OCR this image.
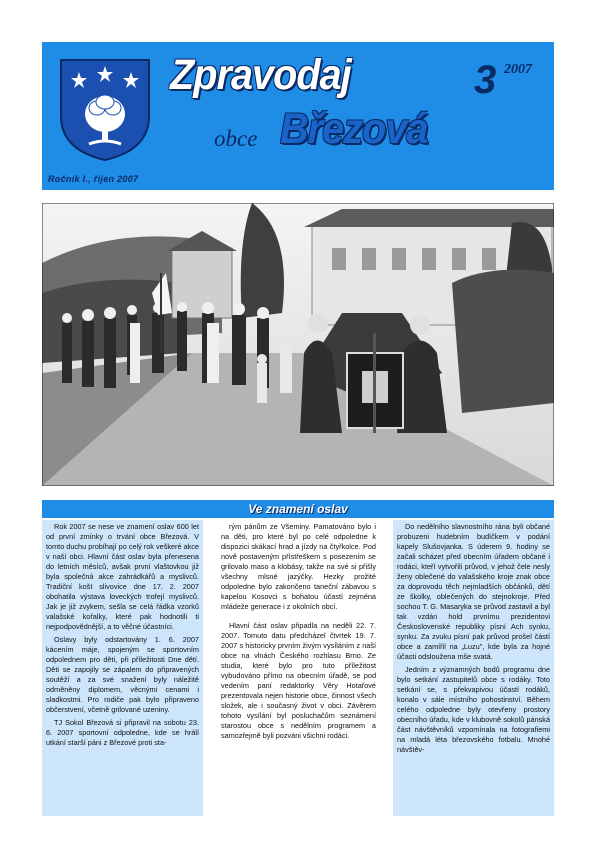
Zpravodaj
obce Březová
3 2007
Ročník I., říjen 2007
Ve znamení oslav

Rok 2007 se nese ve znamení oslav 600 let od první zmínky o trvání obce Březová. V tomto duchu probíhají po celý rok veškeré akce v naší obci. Hlavní část oslav byla přenesena do letních měsíců, avšak první vlaštovkou již byla společná akce zahrádkářů a myslivců. Tradiční košt slivovice dne 17. 2. 2007 obohatila výstava loveckých trofejí myslivců. Jak je již zvykem, sešla se celá řádka vzorků valašské kořalky, které pak hodnotili ti nejpodpovědnější, a to věčné účastníci.

Oslavy byly odstartovány 1. 6. 2007 kácením máje, spojeným se sportovním odpolednem pro děti, při příležitosti Dne dětí. Děti se zapojily se zápalem do připravených soutěží a za své snažení byly náležitě odměněny diplomem, věcnými cenami i sladkostmi. Pro rodiče pak bylo připraveno občerstvení, včetně grilované uzeniny.

TJ Sokol Březová si připravil na sobotu 23. 6. 2007 sportovní odpoledne, kde se hrálí utkání starší páni z Březové proti sta-

rým pánům ze Všeminy. Pamatováno bylo i na děti, pro které byl po celé odpoledne k dispozici skákací hrad a jízdy na čtyřkolce. Pod nově postaveným přístřeškem s posezením se grilovalo maso a klobásy, takže na své si přišly všechny mlsné jazýčky. Hezky prožité odpoledne bylo zakončeno taneční zábavou s kapelou Kosovci s bohatou účastí zejména mládeže generace i z okolních obcí.

Hlavní část oslav připadla na neděli 22. 7. 2007. Tomuto datu předcházel čtvrtek 19. 7. 2007 s historicky prvním živým vysíláním z naší obce na vlnách Českého rozhlasu Brno. Ze studia, které bylo pro tuto příležitost vybudováno přímo na obecním úřadě, se pod vedením paní redaktorky Věry Hotařové prezentovala nejen historie obce, činnost všech složek, ale i současný život v obci. Závěrem tohoto vysílání byl posluchačům seznámení starostou obce s nedělním programem a samozřejmě byli pozváni všichni rodáci.

Do nedělního slavnostního rána byli občané probuzeni hudebním budíčkem v podání kapely Slušovjanka. S úderem 9. hodiny se začali scházet před obecním úřadem občané i rodáci, kteří vytvořili průvod, v jehož čele nesly ženy oblečené do valašského kroje znak obce za doprovodu těch nejmladších občánků, dětí ze školky, oblečených do stejnokroje. Před sochou T. G. Masaryka se průvod zastavil a byl tak vzdán hold prvnímu prezidentovi Československé republiky písní Ach synku, synku. Za zvuku písní pak průvod prošel částí obce a zamířil na „Luzu", kde byla za hojné účasti odslouženа mše svatá.

Jedním z významných bodů programu dne bylo setkání zastupitelů obce s rodáky. Toto setkání se, s překvapivou účastí rodáků, konalo v sále místního pohostinství. Během celého odpoledne byly otevřeny prostory obecního úřadu, kde v klubovně sokolů pánská část návštěvníků vzpomínala na fotografiemi na mladá léta březovského fotbalu. Mnohé návštěv-
